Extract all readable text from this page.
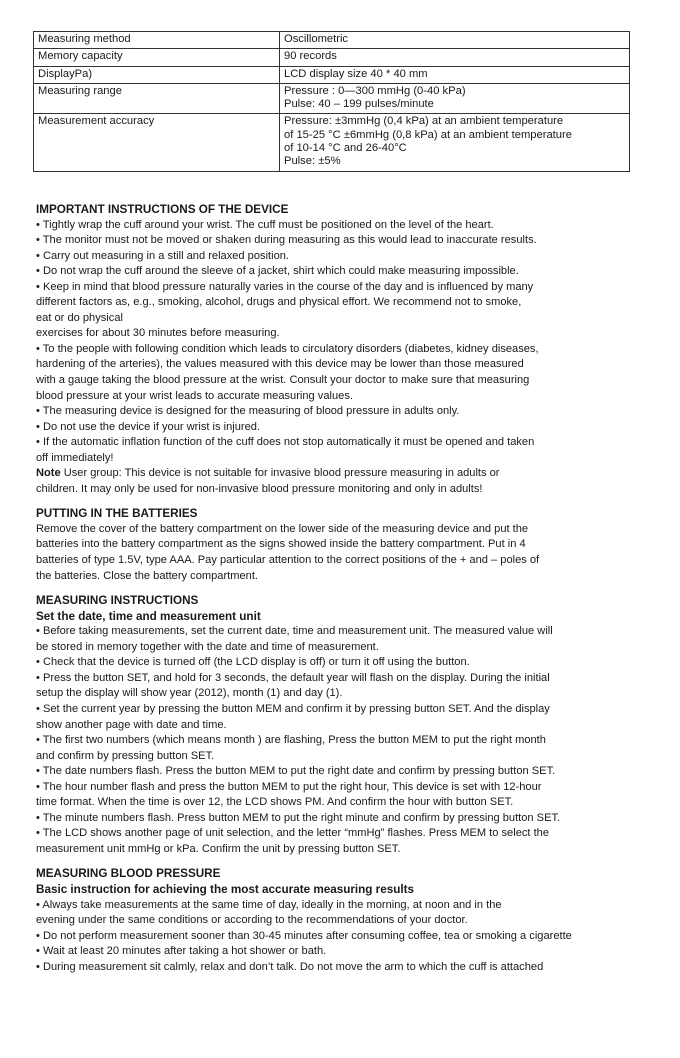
Measuring method	Oscillometric

Memory capacity	90 records

DisplayPa)	LCD display size 40 * 40 mm

Measuring range	Pressure : 0—300 mmHg (0-40 kPa)
Pulse: 40 – 199 pulses/minute

Measurement accuracy	Pressure: ±3mmHg (0,4 kPa) at an ambient temperature
of 15-25 °C ±6mmHg (0,8 kPa) at an ambient temperature
of 10-14 °C and 26-40°C
Pulse: ±5%

IMPORTANT INSTRUCTIONS OF THE DEVICE

• Tightly wrap the cuff around your wrist. The cuff must be positioned on the level of the heart.

• The monitor must not be moved or shaken during measuring as this would lead to inaccurate results.

• Carry out measuring in a still and relaxed position.

• Do not wrap the cuff around the sleeve of a jacket, shirt which could make measuring impossible.

• Keep in mind that blood pressure naturally varies in the course of the day and is influenced by many

different factors as, e.g., smoking, alcohol, drugs and physical effort. We recommend not to smoke,

eat or do physical

exercises for about 30 minutes before measuring.

• To the people with following condition which leads to circulatory disorders (diabetes, kidney diseases,

hardening of the arteries), the values measured with this device may be lower than those measured

with a gauge taking the blood pressure at the wrist. Consult your doctor to make sure that measuring

blood pressure at your wrist leads to accurate measuring values.

• The measuring device is designed for the measuring of blood pressure in adults only.

• Do not use the device if your wrist is injured.

• If the automatic inflation function of the cuff does not stop automatically it must be opened and taken

off immediately!

Note User group: This device is not suitable for invasive blood pressure measuring in adults or

children. It may only be used for non-invasive blood pressure monitoring and only in adults!

PUTTING IN THE BATTERIES

Remove the cover of the battery compartment on the lower side of the measuring device and put the

batteries into the battery compartment as the signs showed inside the battery compartment. Put in 4

batteries of type 1.5V, type AAA. Pay particular attention to the correct positions of the + and – poles of

the batteries. Close the battery compartment.

MEASURING INSTRUCTIONS

Set the date, time and measurement unit

• Before taking measurements, set the current date, time and measurement unit. The measured value will

be stored in memory together with the date and time of measurement.

• Check that the device is turned off (the LCD display is off) or turn it off using the button.

• Press the button SET, and hold for 3 seconds, the default year will flash on the display. During the initial

setup the display will show year (2012), month (1) and day (1).

• Set the current year by pressing the button MEM and confirm it by pressing button SET. And the display

show another page with date and time.

• The first two numbers (which means month ) are flashing, Press the button MEM to put the right month

and confirm by pressing button SET.

• The date numbers flash. Press the button MEM to put the right date and confirm by pressing button SET.

• The hour number flash and press the button MEM to put the right hour, This device is set with 12-hour

time format. When the time is over 12, the LCD shows PM. And confirm the hour with button SET.

• The minute numbers flash. Press button MEM to put the right minute and confirm by pressing button SET.

• The LCD shows another page of unit selection, and the letter “mmHg” flashes. Press MEM to select the

measurement unit mmHg or kPa. Confirm the unit by pressing button SET.

MEASURING BLOOD PRESSURE

Basic instruction for achieving the most accurate measuring results

• Always take measurements at the same time of day, ideally in the morning, at noon and in the

evening under the same conditions or according to the recommendations of your doctor.

• Do not perform measurement sooner than 30-45 minutes after consuming coffee, tea or smoking a cigarette

• Wait at least 20 minutes after taking a hot shower or bath.

• During measurement sit calmly, relax and don’t talk. Do not move the arm to which the cuff is attached
